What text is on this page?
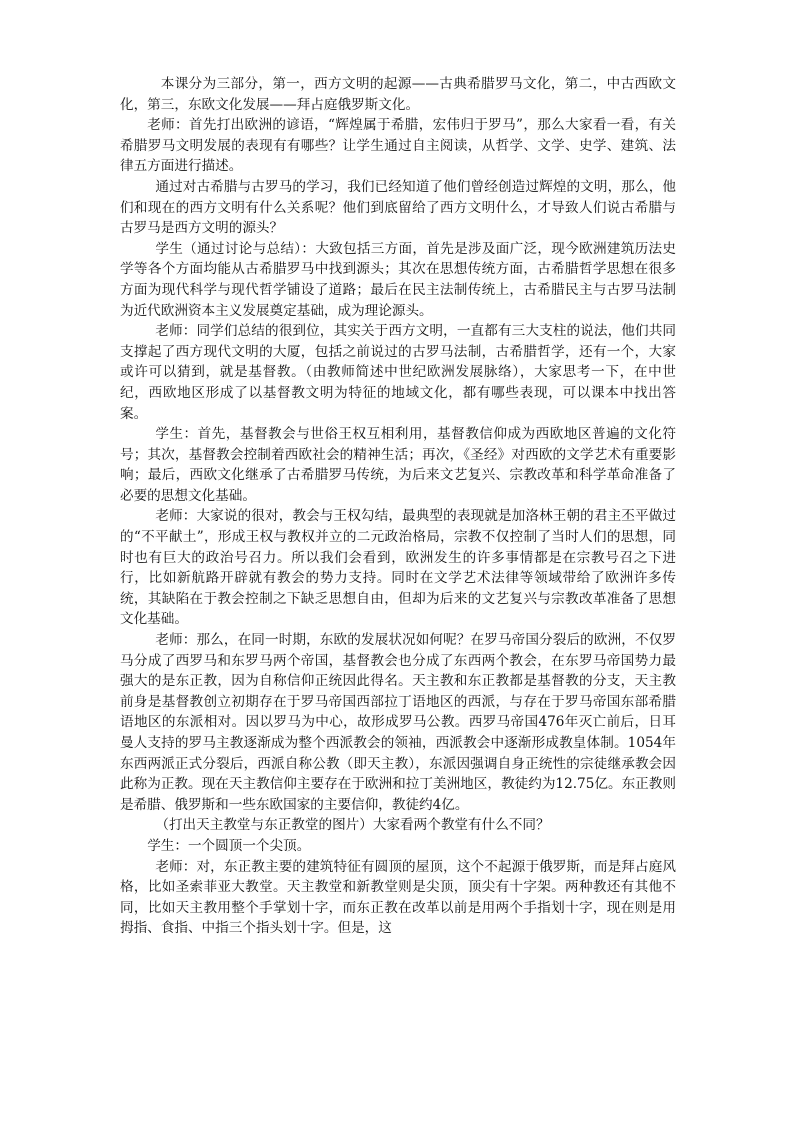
本课分为三部分，第一，西方文明的起源——古典希腊罗马文化，第二，中古西欧文化，第三，东欧文化发展——拜占庭俄罗斯文化。

老师：首先打出欧洲的谚语，“辉煌属于希腊，宏伟归于罗马”，那么大家看一看，有关希腊罗马文明发展的表现有有哪些？让学生通过自主阅读，从哲学、文学、史学、建筑、法律五方面进行描述。

通过对古希腊与古罗马的学习，我们已经知道了他们曾经创造过辉煌的文明，那么，他们和现在的西方文明有什么关系呢？他们到底留给了西方文明什么，才导致人们说古希腊与古罗马是西方文明的源头？

学生（通过讨论与总结）：大致包括三方面，首先是涉及面广泛，现今欧洲建筑历法史学等各个方面均能从古希腊罗马中找到源头；其次在思想传统方面，古希腊哲学思想在很多方面为现代科学与现代哲学铺设了道路；最后在民主法制传统上，古希腊民主与古罗马法制为近代欧洲资本主义发展奠定基础，成为理论源头。

老师：同学们总结的很到位，其实关于西方文明，一直都有三大支柱的说法，他们共同支撑起了西方现代文明的大厦，包括之前说过的古罗马法制，古希腊哲学，还有一个，大家或许可以猜到，就是基督教。（由教师简述中世纪欧洲发展脉络），大家思考一下，在中世纪，西欧地区形成了以基督教文明为特征的地域文化，都有哪些表现，可以课本中找出答案。

学生：首先，基督教会与世俗王权互相利用，基督教信仰成为西欧地区普遍的文化符号；其次，基督教会控制着西欧社会的精神生活；再次，《圣经》对西欧的文学艺术有重要影响；最后，西欧文化继承了古希腊罗马传统，为后来文艺复兴、宗教改革和科学革命准备了必要的思想文化基础。

老师：大家说的很对，教会与王权勾结，最典型的表现就是加洛林王朝的君主丕平做过的“不平献土”，形成王权与教权并立的二元政治格局，宗教不仅控制了当时人们的思想，同时也有巨大的政治号召力。所以我们会看到，欧洲发生的许多事情都是在宗教号召之下进行，比如新航路开辟就有教会的势力支持。同时在文学艺术法律等领域带给了欧洲许多传统，其缺陷在于教会控制之下缺乏思想自由，但却为后来的文艺复兴与宗教改革准备了思想文化基础。

老师：那么，在同一时期，东欧的发展状况如何呢？在罗马帝国分裂后的欧洲，不仅罗马分成了西罗马和东罗马两个帝国，基督教会也分成了东西两个教会，在东罗马帝国势力最强大的是东正教，因为自称信仰正统因此得名。天主教和东正教都是基督教的分支，天主教前身是基督教创立初期存在于罗马帝国西部拉丁语地区的西派，与存在于罗马帝国东部希腊语地区的东派相对。因以罗马为中心，故形成罗马公教。西罗马帝国476年灭亡前后，日耳曼人支持的罗马主教逐渐成为整个西派教会的领袖，西派教会中逐渐形成教皇体制。1054年东西两派正式分裂后，西派自称公教（即天主教），东派因强调自身正统性的宗徒继承教会因此称为正教。现在天主教信仰主要存在于欧洲和拉丁美洲地区，教徒约为12.75亿。东正教则是希腊、俄罗斯和一些东欧国家的主要信仰，教徒约4亿。

（打出天主教堂与东正教堂的图片）大家看两个教堂有什么不同？

学生：一个圆顶一个尖顶。

老师：对，东正教主要的建筑特征有圆顶的屋顶，这个不起源于俄罗斯，而是拜占庭风格，比如圣索菲亚大教堂。天主教堂和新教堂则是尖顶，顶尖有十字架。两种教还有其他不同，比如天主教用整个手掌划十字，而东正教在改革以前是用两个手指划十字，现在则是用拇指、食指、中指三个指头划十字。但是，这
